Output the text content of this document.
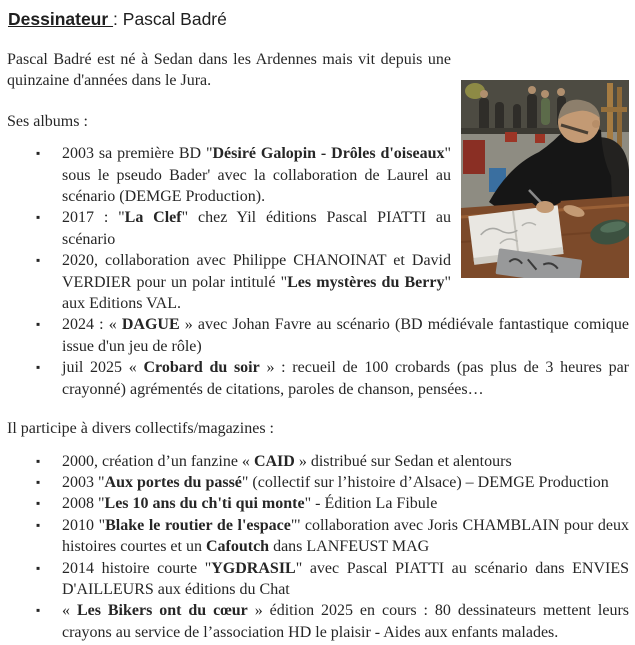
Dessinateur : Pascal Badré

Pascal Badré est né à Sedan dans les Ardennes mais vit depuis une quinzaine d'années dans le Jura.

Ses albums :

▪ 2003 sa première BD "Désiré Galopin - Drôles d'oiseaux" sous le pseudo Bader' avec la collaboration de Laurel au scénario (DEMGE Production).
▪ 2017 : "La Clef" chez Yil éditions Pascal PIATTI au scénario
▪ 2020, collaboration avec Philippe CHANOINAT et David VERDIER pour un polar intitulé "Les mystères du Berry" aux Editions VAL.
▪ 2024 : « DAGUE » avec Johan Favre au scénario (BD médiévale fantastique comique issue d'un jeu de rôle)
▪ juil 2025 « Crobard du soir » : recueil de 100 crobards (pas plus de 3 heures par crayonné) agrémentés de citations, paroles de chanson, pensées…

Il participe à divers collectifs/magazines :

▪ 2000, création d’un fanzine « CAID » distribué sur Sedan et alentours
▪ 2003 "Aux portes du passé" (collectif sur l’histoire d’Alsace) – DEMGE Production
▪ 2008 "Les 10 ans du ch'ti qui monte" - Édition La Fibule
▪ 2010 "Blake le routier de l'espace"' collaboration avec Joris CHAMBLAIN pour deux histoires courtes et un Cafoutch dans LANFEUST MAG
▪ 2014 histoire courte "YGDRASIL" avec Pascal PIATTI au scénario dans ENVIES D'AILLEURS aux éditions du Chat
▪ « Les Bikers ont du cœur » édition 2025 en cours : 80 dessinateurs mettent leurs crayons au service de l’association HD le plaisir - Aides aux enfants malades.
